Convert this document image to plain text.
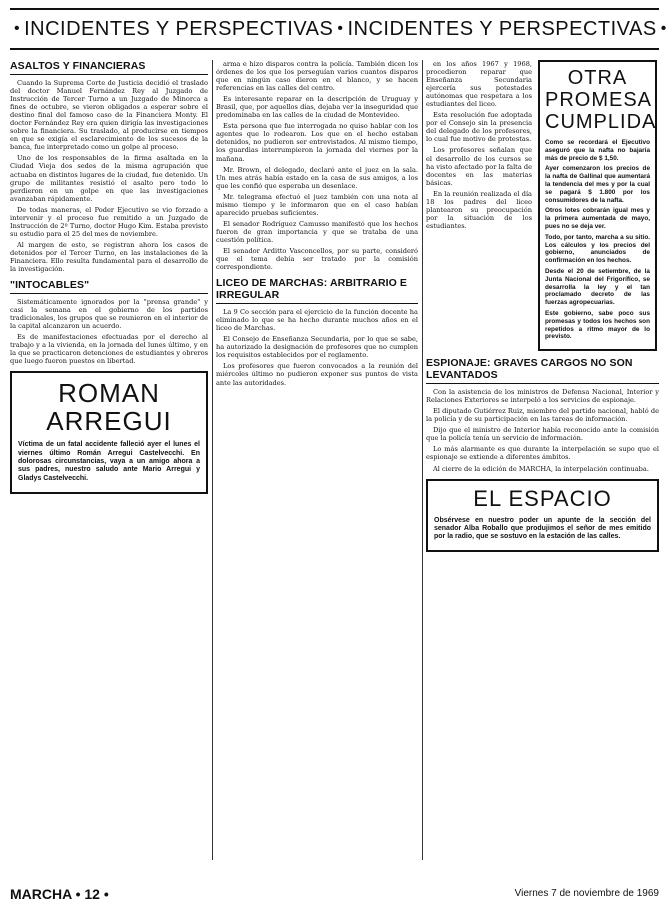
• INCIDENTES Y PERSPECTIVAS • INCIDENTES Y PERSPECTIVAS •
ASALTOS Y FINANCIERAS

Cuando la Suprema Corte de Justicia decidió el traslado del doctor Manuel Fernández Rey al Juzgado de Instrucción de Tercer Turno a un Juzgado de Minorca a fines de octubre, se vieron obligados a esperar sobre el destino final del famoso caso de la Financiera Monty. El doctor Fernández Rey era quien dirigía las investigaciones sobre la financiera. Su traslado, al producirse en tiempos en que se exigía el esclarecimiento de los sucesos de la banca, fue interpretado como un golpe al proceso.

Uno de los responsables de la firma asaltada en la Ciudad Vieja dos sedes de la misma agrupación que actuaba en distintos lugares de la ciudad, fue detenido. Un grupo de militantes resistió el asalto pero todo lo perdieron en un golpe en que las investigaciones avanzaban rápidamente.

De todas maneras, el Poder Ejecutivo se vio forzado a intervenir y el proceso fue remitido a un Juzgado de Instrucción de 2º Turno, doctor Hugo Kim. Estaba previsto su estudio para el 25 del mes de noviembre.

Al margen de esto, se registran ahora los casos de detenidos por el Tercer Turno, en las instalaciones de la Financiera. Ello resulta fundamental para el desarrollo de la investigación.

"INTOCABLES"

Sistemáticamente ignorados por la "prensa grande" y casi la semana en el gobierno de los partidos tradicionales, los grupos que se reunieron en el interior de la capital alcanzaron un acuerdo.

Es de manifestaciones efectuadas por el derecho al trabajo y a la vivienda, en la jornada del lunes último, y en la que se practicaron detenciones de estudiantes y obreros que luego fueron puestos en libertad.

ROMAN ARREGUI

Víctima de un fatal accidente falleció ayer el lunes el viernes último Román Arregui Castelvecchi. En dolorosas circunstancias, vaya a un amigo ahora a sus padres, nuestro saludo ante Mario Arregui y Gladys Castelvecchi.

arma e hizo disparos contra la policía. También dicen los órdenes de los que los perseguían varios cuantos disparos que en ningún caso dieron en el blanco, y se hacen referencias en las calles del centro.

Es interesante reparar en la descripción de Uruguay y Brasil, que, por aquellos días, dejaba ver la inseguridad que predominaba en las calles de la ciudad de Montevideo.

Esta persona que fue interrogada no quiso hablar con los agentes que lo rodearon. Los que en el hecho estaban detenidos, no pudieron ser entrevistados. Al mismo tiempo, los guardias interrumpieron la jornada del viernes por la mañana.

Mr. Brown, el delegado, declaró ante el juez en la sala. Un mes atrás había estado en la casa de sus amigos, a los que les confió que esperaba un desenlace.

Mr. telegrama efectuó el juez también con una nota al mismo tiempo y le informaron que en el caso habían aparecido pruebas suficientes.

El senador Rodríguez Camusso manifestó que los hechos fueron de gran importancia y que se trataba de una cuestión política.

El senador Arditto Vasconcellos, por su parte, consideró que el tema debía ser tratado por la comisión correspondiente.

LICEO DE MARCHAS: ARBITRARIO E IRREGULAR

La 9 Co sección para el ejercicio de la función docente ha eliminado lo que se ha hecho durante muchos años en el liceo de Marchas.

El Consejo de Enseñanza Secundaria, por lo que se sabe, ha autorizado la designación de profesores que no cumplen los requisitos establecidos por el reglamento.

Los profesores que fueron convocados a la reunión del miércoles último no pudieron exponer sus puntos de vista ante las autoridades.

en los años 1967 y 1968, procedieron reparar que Enseñanza Secundaria ejercería sus potestades autónomas que respetara a los estudiantes del liceo.

Esta resolución fue adoptada por el Consejo sin la presencia del delegado de los profesores, lo cual fue motivo de protestas.

Los profesores señalan que el desarrollo de los cursos se ha visto afectado por la falta de docentes en las materias básicas.

En la reunión realizada el día 18 los padres del liceo plantearon su preocupación por la situación de los estudiantes.

OTRA PROMESA CUMPLIDA

Como se recordará el Ejecutivo aseguró que la nafta no bajaría más de precio de $ 1,50.

Ayer comenzaron los precios de la nafta de Gallinal que aumentará la tendencia del mes y por la cual se pagará $ 1.800 por los consumidores de la nafta.

Otros lotes cobrarán igual mes y la primera aumentada de mayo, pues no se deja ver.

Todo, por tanto, marcha a su sitio. Los cálculos y los precios del gobierno, anunciados de confirmación en los hechos.

Desde el 20 de setiembre, de la Junta Nacional del Frigorífico, se desarrolla la ley y el tan proclamado decreto de las fuerzas agropecuarias.

Este gobierno, sabe poco sus promesas y todos los hechos son repetidos a ritmo mayor de lo previsto.

ESPIONAJE: GRAVES CARGOS NO SON LEVANTADOS

Con la asistencia de los ministros de Defensa Nacional, Interior y Relaciones Exteriores se interpeló a los servicios de espionaje.

El diputado Gutiérrez Ruiz, miembro del partido nacional, habló de la policía y de su participación en las tareas de información.

Dijo que el ministro de Interior había reconocido ante la comisión que la policía tenía un servicio de información.

Lo más alarmante es que durante la interpelación se supo que el espionaje se extiende a diferentes ámbitos.

Al cierre de la edición de MARCHA, la interpelación continuaba.

EL ESPACIO

Obsérvese en nuestro poder un apunte de la sección del senador Alba Roballo que produjimos el señor de mes emitido por la radio, que se sostuvo en la estación de las calles.

MARCHA • 12 •	Viernes 7 de noviembre de 1969
